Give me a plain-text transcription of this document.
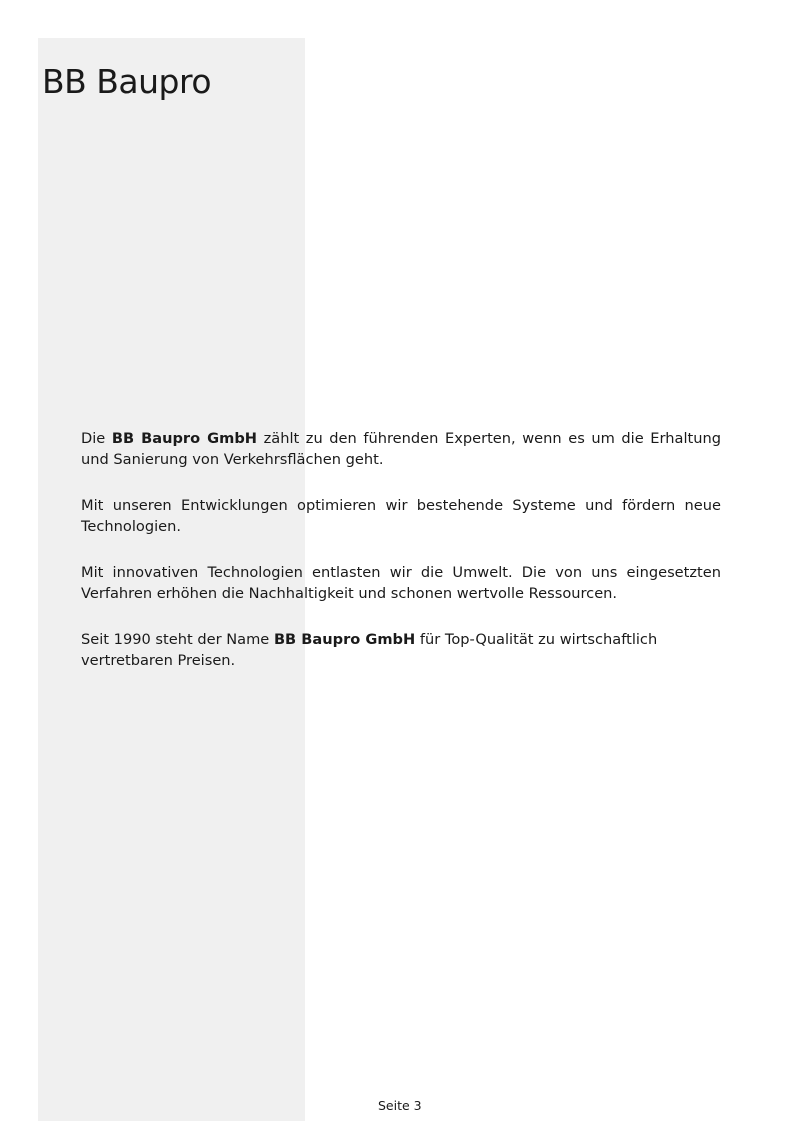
BB Baupro

Die BB Baupro GmbH zählt zu den führenden Experten, wenn es um die Erhaltung und Sanierung von Verkehrsflächen geht.

Mit unseren Entwicklungen optimieren wir bestehende Systeme und fördern neue Technologien.

Mit innovativen Technologien entlasten wir die Umwelt. Die von uns eingesetzten Verfahren erhöhen die Nachhaltigkeit und schonen wertvolle Ressourcen.

Seit 1990 steht der Name BB Baupro GmbH für Top-Qualität zu wirtschaftlich vertretbaren Preisen.

Seite 3
